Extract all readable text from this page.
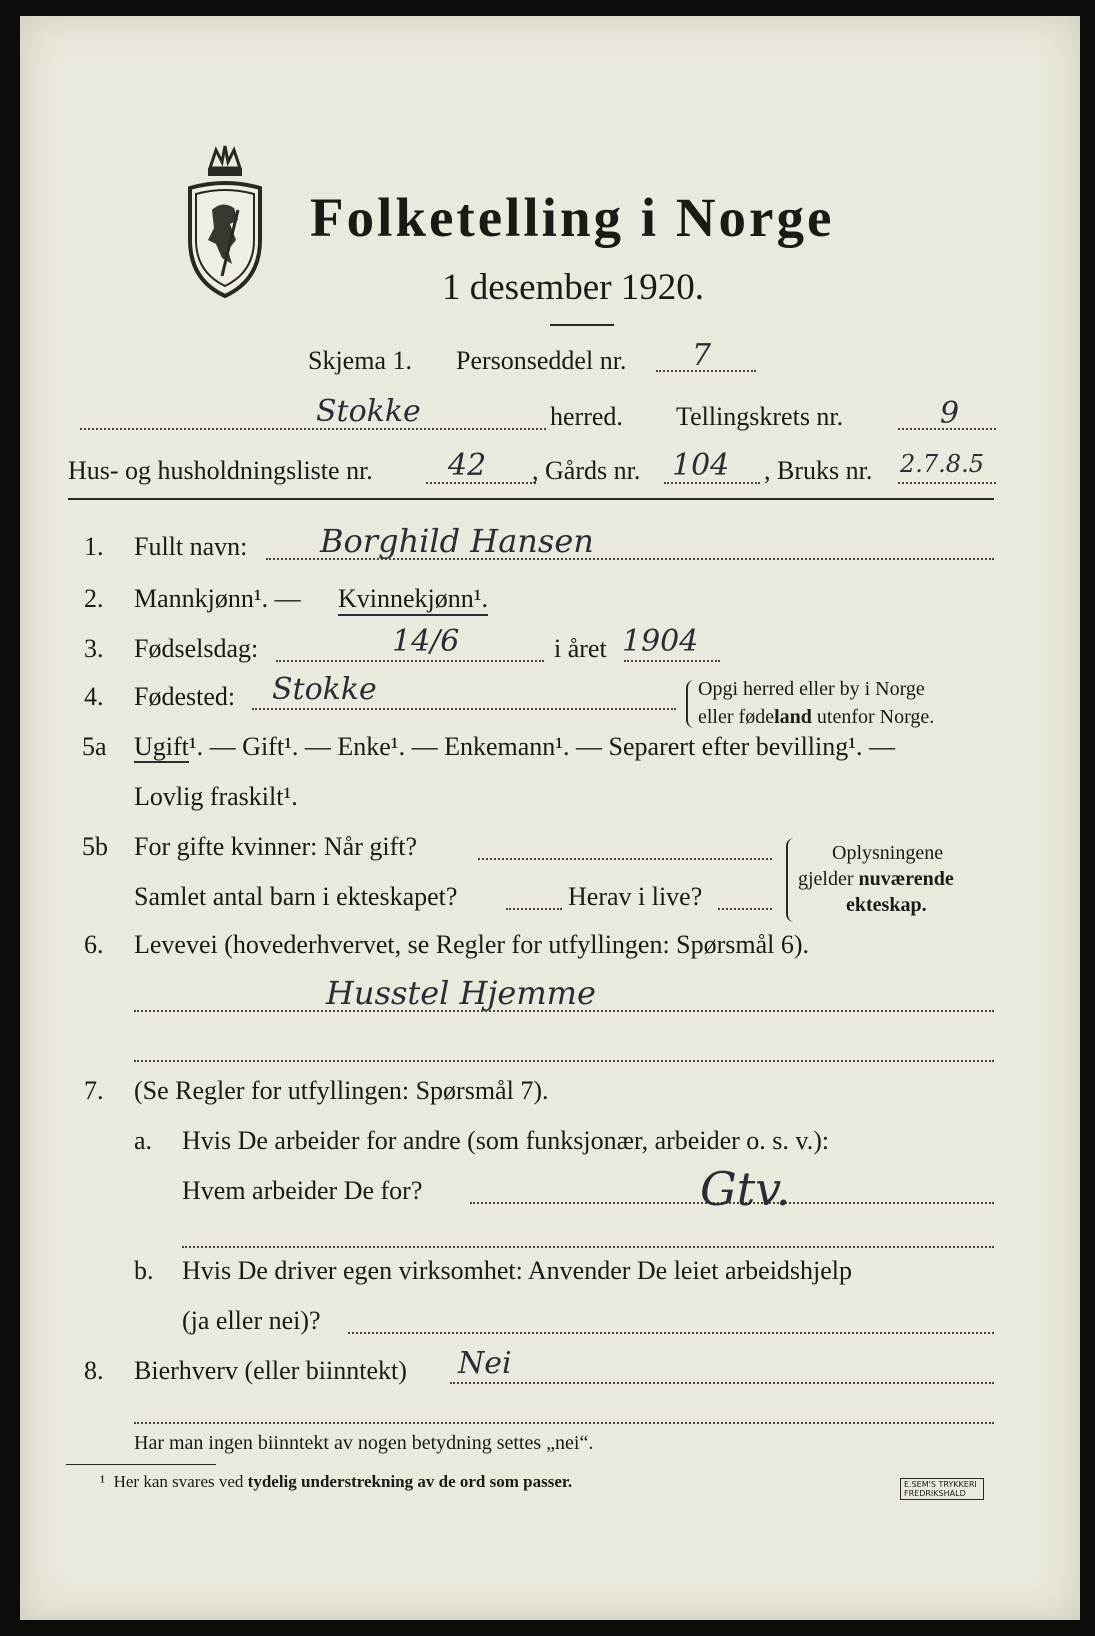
Folketelling i Norge
1 desember 1920.
Skjema 1. Personseddel nr. 7
Stokke	herred. Tellingskrets nr.	9
Hus- og husholdningsliste nr.	42 , Gårds nr. 104 , Bruks nr. 2.7.8.5
1. Fullt navn: Borghild Hansen
2. Mannkjønn¹. — Kvinnekjønn¹.
3. Fødselsdag:	14/6	i året 1904
4. Fødested: Stokke	Opgi herred eller by i Norge
eller fødeland utenfor Norge.
5a Ugift¹. — Gift¹. — Enke¹. — Enkemann¹. — Separert efter bevilling¹. —
Lovlig fraskilt¹.
5b For gifte kvinner: Når gift?
Samlet antal barn i ekteskapet?	Herav i live?
Oplysningene
gjelder nuværende
ekteskap.
6. Levevei (hovederhvervet, se Regler for utfyllingen: Spørsmål 6).
Husstel Hjemme
7. (Se Regler for utfyllingen: Spørsmål 7).
a. Hvis De arbeider for andre (som funksjonær, arbeider o. s. v.):
Hvem arbeider De for?	Gtv.
b. Hvis De driver egen virksomhet: Anvender De leiet arbeidshjelp
(ja eller nei)?
8. Bierhverv (eller biinntekt) Nei
Har man ingen biinntekt av nogen betydning settes „nei“.
¹ Her kan svares ved tydelig understrekning av de ord som passer.	E.SEM'S TRYKKERI FREDRIKSHALD
